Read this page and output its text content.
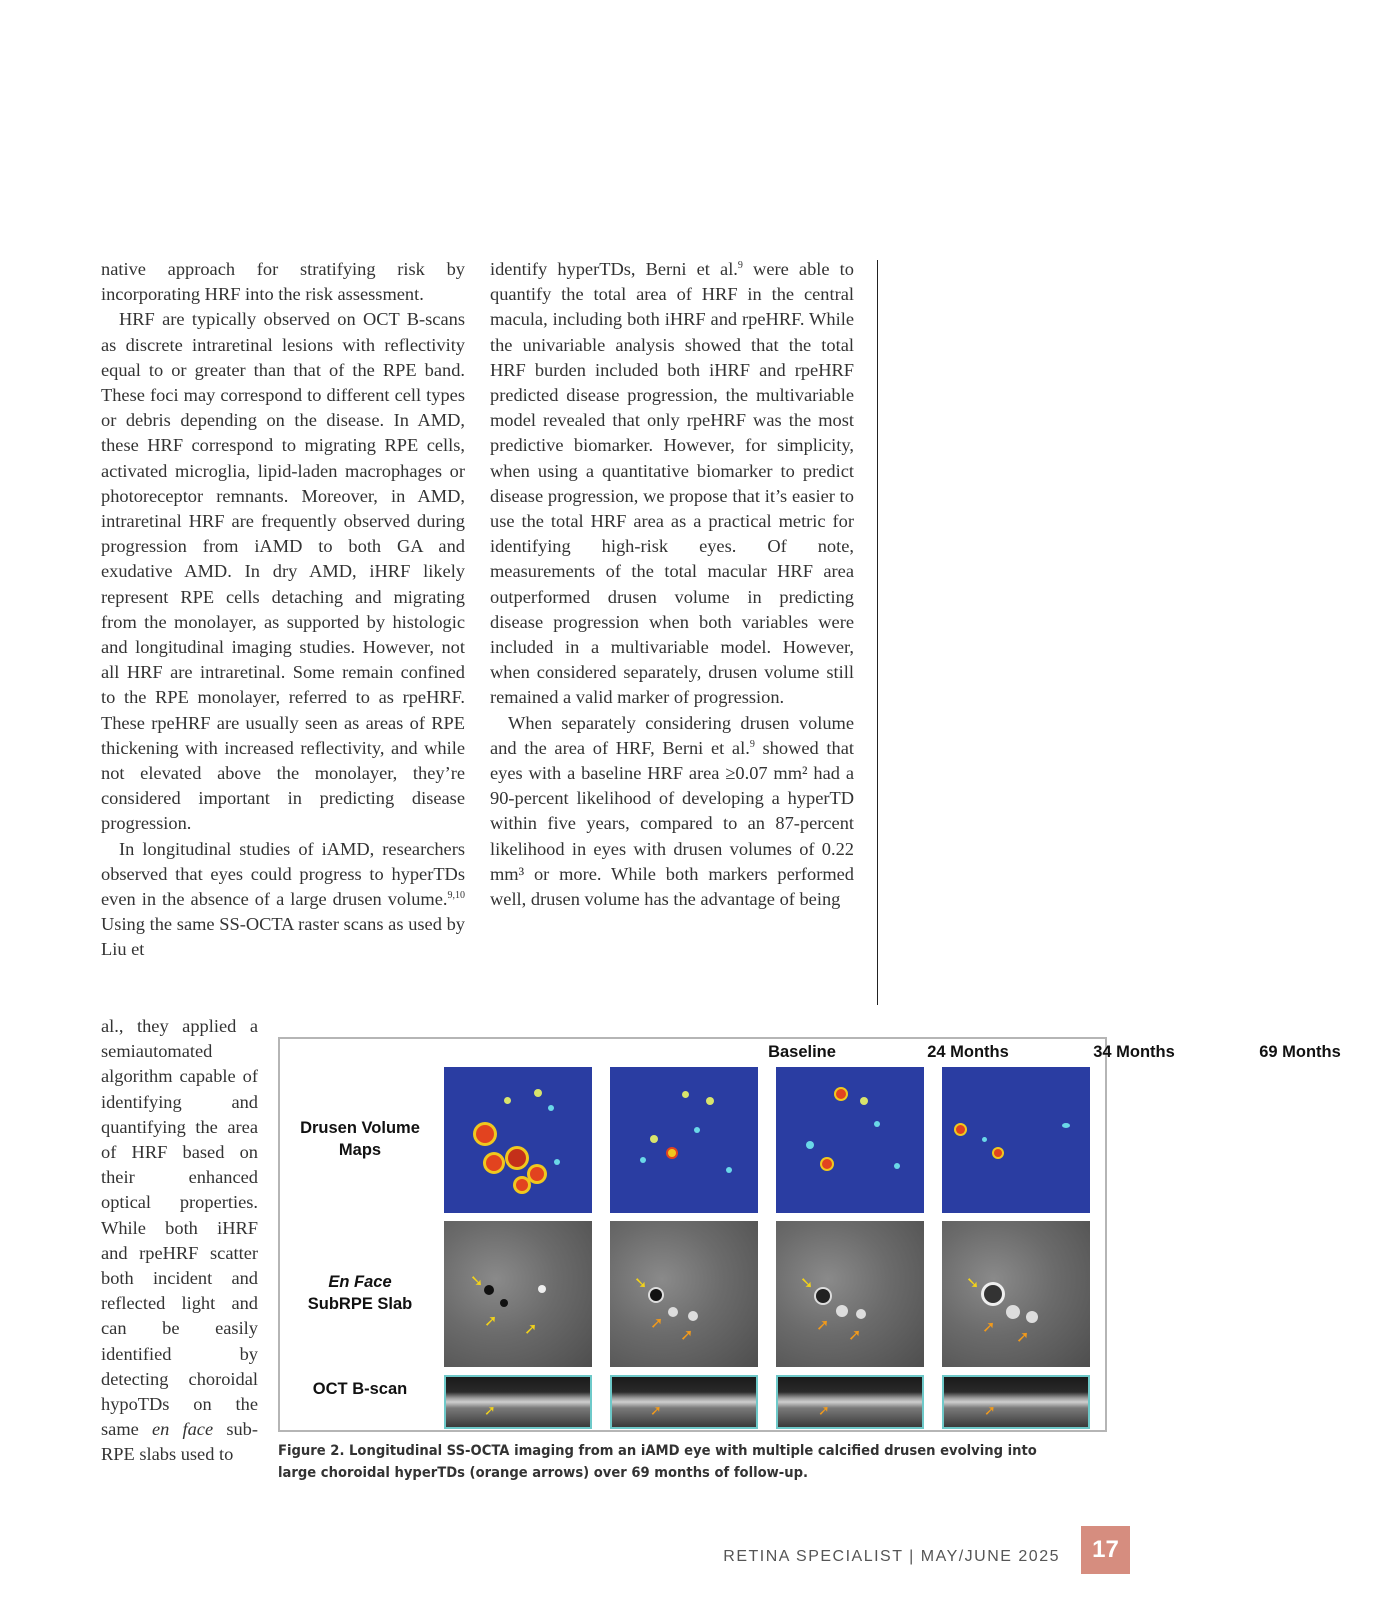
native approach for stratifying risk by incorporating HRF into the risk assessment.

HRF are typically observed on OCT B-scans as discrete intraretinal lesions with reflectivity equal to or greater than that of the RPE band. These foci may correspond to different cell types or debris depending on the disease. In AMD, these HRF correspond to migrating RPE cells, activated microglia, lipid-laden macrophages or photoreceptor remnants. Moreover, in AMD, intraretinal HRF are frequently observed during progression from iAMD to both GA and exudative AMD. In dry AMD, iHRF likely represent RPE cells detaching and migrating from the monolayer, as supported by histologic and longitudinal imaging studies. However, not all HRF are intraretinal. Some remain confined to the RPE monolayer, referred to as rpeHRF. These rpeHRF are usually seen as areas of RPE thickening with increased reflectivity, and while not elevated above the monolayer, they’re considered important in predicting disease progression.

In longitudinal studies of iAMD, researchers observed that eyes could progress to hyperTDs even in the absence of a large drusen volume.$^{9,10}$ Using the same SS-OCTA raster scans as used by Liu et

al., they applied a semiautomated algorithm capable of identifying and quantifying the area of HRF based on their enhanced optical properties. While both iHRF and rpeHRF scatter both incident and reflected light and can be easily identified by detecting choroidal hypoTDs on the same en face sub-RPE slabs used to

identify hyperTDs, Berni et al.$^9$ were able to quantify the total area of HRF in the central macula, including both iHRF and rpeHRF. While the univariable analysis showed that the total HRF burden included both iHRF and rpeHRF predicted disease progression, the multivariable model revealed that only rpeHRF was the most predictive biomarker. However, for simplicity, when using a quantitative biomarker to predict disease progression, we propose that it’s easier to use the total HRF area as a practical metric for identifying high-risk eyes. Of note, measurements of the total macular HRF area outperformed drusen volume in predicting disease progression when both variables were included in a multivariable model. However, when considered separately, drusen volume still remained a valid marker of progression.

When separately considering drusen volume and the area of HRF, Berni et al.$^9$ showed that eyes with a baseline HRF area ≥0.07 mm² had a 90-percent likelihood of developing a hyperTD within five years, compared to an 87-percent likelihood in eyes with drusen volumes of 0.22 mm³ or more. While both markers performed well, drusen volume has the advantage of being

Baseline	24 Months	34 Months	69 Months
Drusen Volume Maps
En Face
SubRPE Slab
OCT B-scan
➘
➚ ➚
➘
➚
➚
➘
➚
➚
➘
➚
➚
➚	➚	➚	➚
Figure 2. Longitudinal SS-OCTA imaging from an iAMD eye with multiple calcified drusen evolving into large choroidal hyperTDs (orange arrows) over 69 months of follow-up.
RETINA SPECIALIST | MAY/JUNE 2025	17
